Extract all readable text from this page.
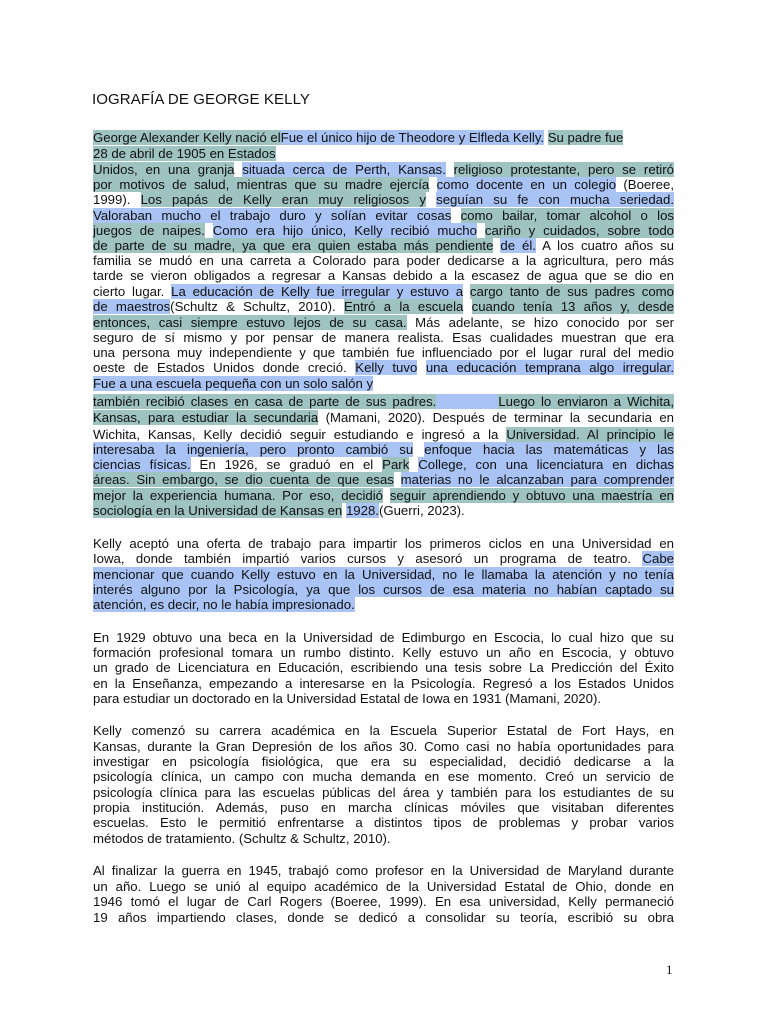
IOGRAFÍA DE GEORGE KELLY
George Alexander Kelly nació elFue el único hijo de Theodore y Elfleda Kelly. Su padre fue
28 de abril de 1905 en Estados
Unidos, en una granja situada cerca de Perth, Kansas. religioso protestante, pero se retiró
por motivos de salud, mientras que su madre ejercía como docente en un colegio (Boeree,
1999). Los papás de Kelly eran muy religiosos y seguían su fe con mucha seriedad.
Valoraban mucho el trabajo duro y solían evitar cosas como bailar, tomar alcohol o los
juegos de naipes. Como era hijo único, Kelly recibió mucho cariño y cuidados, sobre todo
de parte de su madre, ya que era quien estaba más pendiente de él. A los cuatro años su
familia se mudó en una carreta a Colorado para poder dedicarse a la agricultura, pero más
tarde se vieron obligados a regresar a Kansas debido a la escasez de agua que se dio en
cierto lugar. La educación de Kelly fue irregular y estuvo a cargo tanto de sus padres como
de maestros(Schultz & Schultz, 2010). Entró a la escuela cuando tenía 13 años y, desde
entonces, casi siempre estuvo lejos de su casa. Más adelante, se hizo conocido por ser
seguro de sí mismo y por pensar de manera realista. Esas cualidades muestran que era
una persona muy independiente y que también fue influenciado por el lugar rural del medio
oeste de Estados Unidos donde creció. Kelly tuvo una educación temprana algo irregular.
Fue a una escuela pequeña con un solo salón y
también recibió clases en casa de parte de sus padres.	Luego lo enviaron a Wichita,
Kansas, para estudiar la secundaria (Mamani, 2020). Después de terminar la secundaria en
Wichita, Kansas, Kelly decidió seguir estudiando e ingresó a la Universidad. Al principio le
interesaba la ingeniería, pero pronto cambió su enfoque hacia las matemáticas y las
ciencias físicas. En 1926, se graduó en el Park College, con una licenciatura en dichas
áreas. Sin embargo, se dio cuenta de que esas materias no le alcanzaban para comprender
mejor la experiencia humana. Por eso, decidió seguir aprendiendo y obtuvo una maestría en
sociología en la Universidad de Kansas en 1928.(Guerri, 2023).
Kelly aceptó una oferta de trabajo para impartir los primeros ciclos en una Universidad en
Iowa, donde también impartió varios cursos y asesoró un programa de teatro. Cabe
mencionar que cuando Kelly estuvo en la Universidad, no le llamaba la atención y no tenía
interés alguno por la Psicología, ya que los cursos de esa materia no habían captado su
atención, es decir, no le había impresionado.
En 1929 obtuvo una beca en la Universidad de Edimburgo en Escocia, lo cual hizo que su
formación profesional tomara un rumbo distinto. Kelly estuvo un año en Escocia, y obtuvo
un grado de Licenciatura en Educación, escribiendo una tesis sobre La Predicción del Éxito
en la Enseñanza, empezando a interesarse en la Psicología. Regresó a los Estados Unidos
para estudiar un doctorado en la Universidad Estatal de Iowa en 1931 (Mamani, 2020).
Kelly comenzó su carrera académica en la Escuela Superior Estatal de Fort Hays, en
Kansas, durante la Gran Depresión de los años 30. Como casi no había oportunidades para
investigar en psicología fisiológica, que era su especialidad, decidió dedicarse a la
psicología clínica, un campo con mucha demanda en ese momento. Creó un servicio de
psicología clínica para las escuelas públicas del área y también para los estudiantes de su
propia institución. Además, puso en marcha clínicas móviles que visitaban diferentes
escuelas. Esto le permitió enfrentarse a distintos tipos de problemas y probar varios
métodos de tratamiento. (Schultz & Schultz, 2010).
Al finalizar la guerra en 1945, trabajó como profesor en la Universidad de Maryland durante
un año. Luego se unió al equipo académico de la Universidad Estatal de Ohio, donde en
1946 tomó el lugar de Carl Rogers (Boeree, 1999). En esa universidad, Kelly permaneció
19 años impartiendo clases, donde se dedicó a consolidar su teoría, escribió su obra
1
